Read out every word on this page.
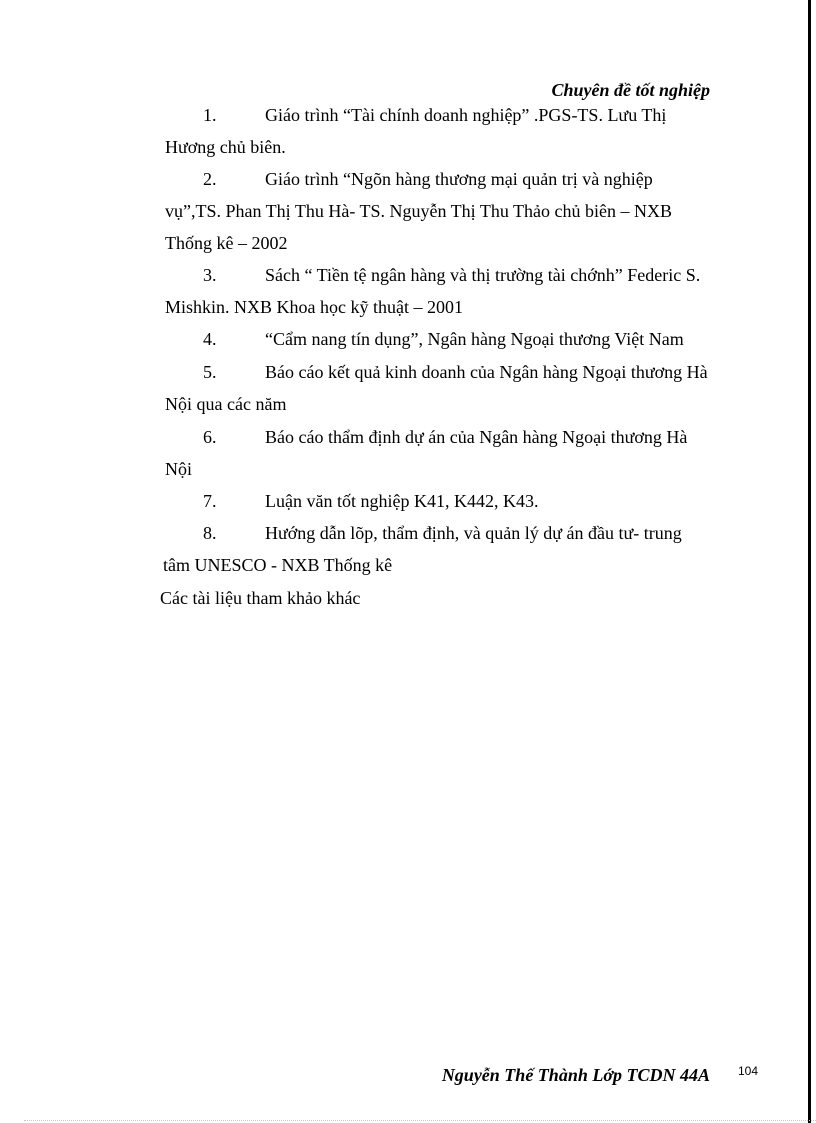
Chuyên đề tốt nghiệp
1.	Giáo trình “Tài chính doanh nghiệp” .PGS-TS. Lưu Thị
Hương chủ biên.
2.	Giáo trình “Ngõn hàng thương mại quản trị và nghiệp
vụ”,TS. Phan Thị Thu Hà- TS. Nguyễn Thị Thu Thảo chủ biên – NXB
Thống kê – 2002
3.	Sách “ Tiền tệ ngân hàng và thị trường tài chớnh” Federic S.
Mishkin. NXB Khoa học kỹ thuật – 2001
4.	“Cẩm nang tín dụng”, Ngân hàng Ngoại thương Việt Nam
5.	Báo cáo kết quả kinh doanh của Ngân hàng Ngoại thương Hà
Nội qua các năm
6.	Báo cáo thẩm định dự án của Ngân hàng Ngoại thương Hà
Nội
7.	Luận văn tốt nghiệp K41, K442, K43.
8.	Hướng dẫn lõp, thẩm định, và quản lý dự án đầu tư- trung
tâm UNESCO - NXB Thống kê
Các tài liệu tham khảo khác
Nguyễn Thế Thành Lớp TCDN 44A 104
